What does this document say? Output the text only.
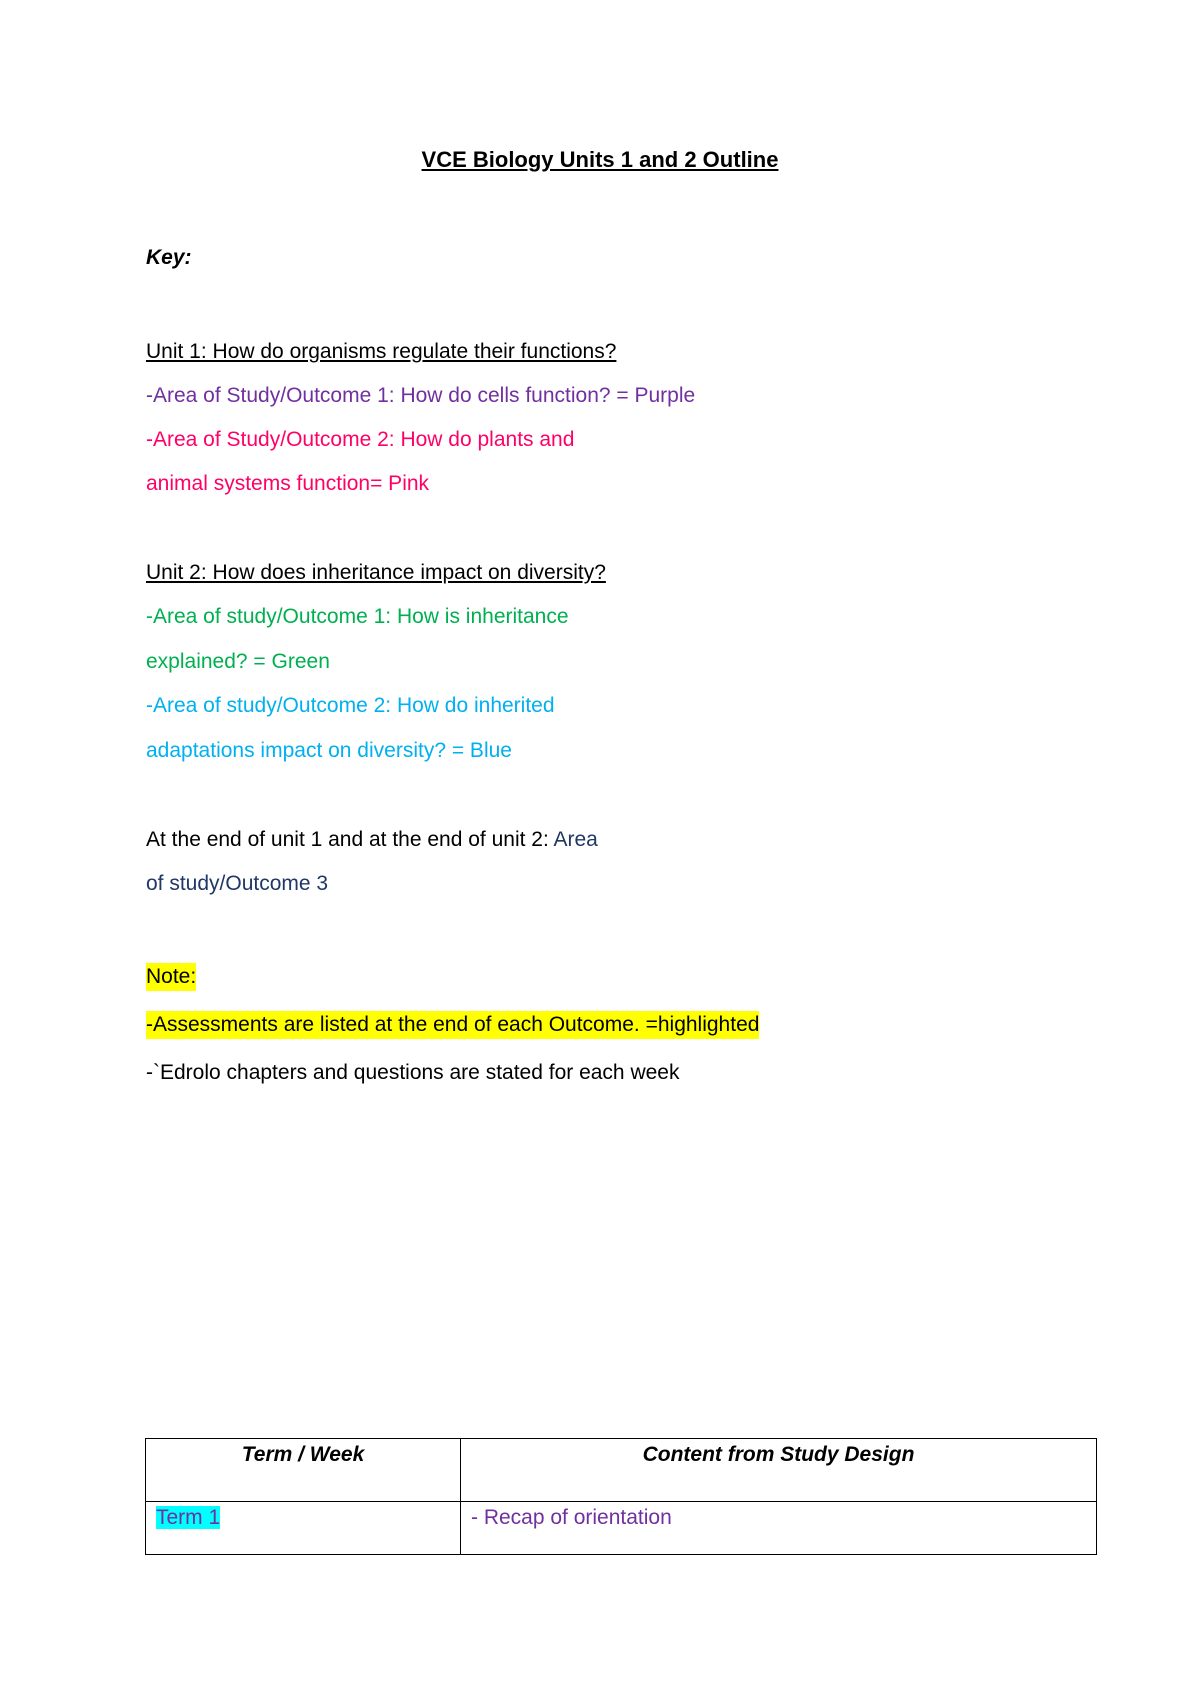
VCE Biology Units 1 and 2 Outline
Key:
Unit 1: How do organisms regulate their functions?
-Area of Study/Outcome 1: How do cells function? = Purple
-Area of Study/Outcome 2: How do plants and
animal systems function= Pink
Unit 2: How does inheritance impact on diversity?
-Area of study/Outcome 1: How is inheritance
explained? = Green
-Area of study/Outcome 2: How do inherited
adaptations impact on diversity? = Blue
At the end of unit 1 and at the end of unit 2: Area
of study/Outcome 3
Note:
-Assessments are listed at the end of each Outcome. =highlighted
-`Edrolo chapters and questions are stated for each week
Term / Week	Content from Study Design
Term 1	- Recap of orientation
